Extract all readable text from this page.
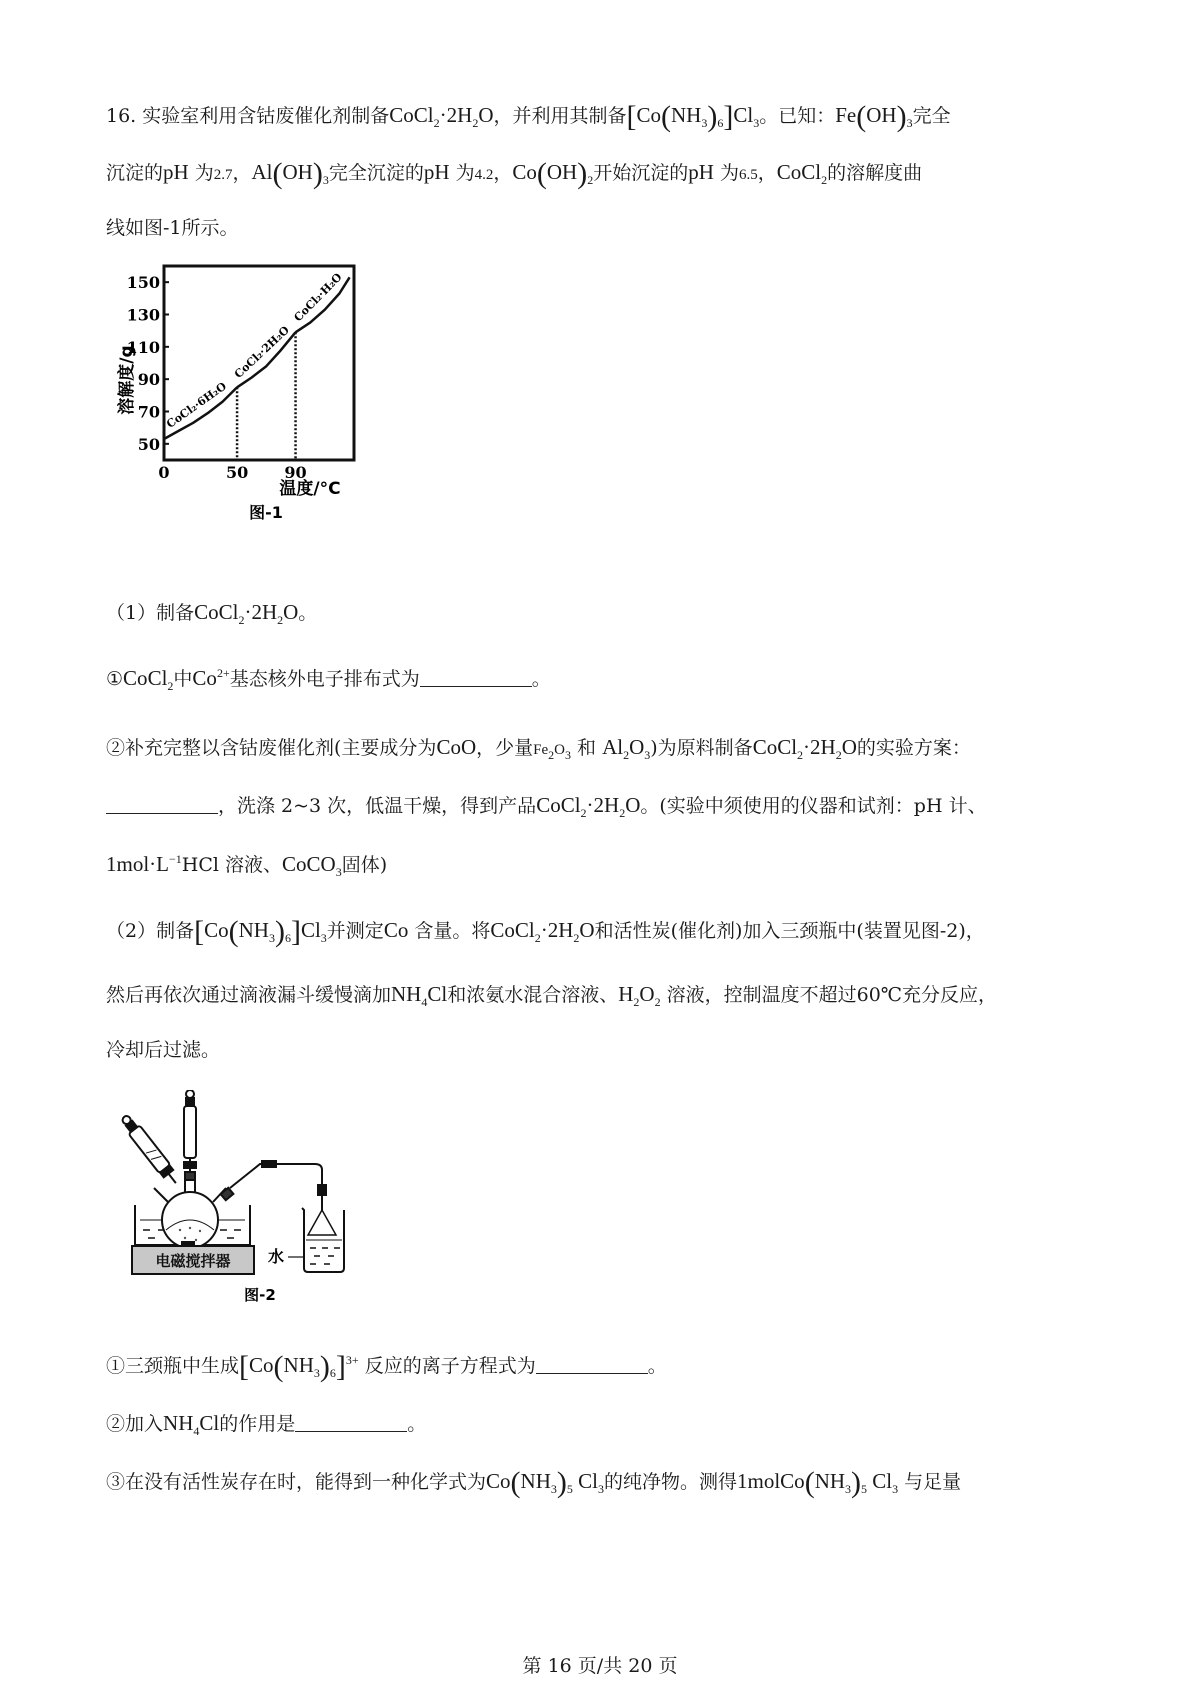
16. 实验室利用含钴废催化剂制备$CoCl_2\cdot 2H_2O$，并利用其制备$[Co(NH_3)_6]Cl_3$。已知：$Fe(OH)_3$完全
沉淀的pH 为2.7，$Al(OH)_3$完全沉淀的pH 为4.2，$Co(OH)_2$开始沉淀的pH 为6.5，CoCl$_2$的溶解度曲
线如图-1所示。
50
70
90
110
130
150
0	50 90
CoCl₂·6H₂O
CoCl₂·2H₂O
CoCl₂·H₂O
溶解度/g
温度/°C
图-1
（1）制备$CoCl_2\cdot 2H_2O$。
①CoCl$_2$中$Co^{2+}$基态核外电子排布式为	。
②补充完整以含钴废催化剂(主要成分为CoO，少量$Fe_2O_3$ 和 $Al_2O_3$)为原料制备$CoCl_2\cdot 2H_2O$的实验方案：
，洗涤 2~3 次，低温干燥，得到产品$CoCl_2\cdot 2H_2O$。(实验中须使用的仪器和试剂：pH 计、
$1mol\cdot L^{-1}HCl$ 溶液、CoCO$_3$固体)
（2）制备$[Co(NH_3)_6]Cl_3$并测定Co 含量。将$CoCl_2\cdot 2H_2O$和活性炭(催化剂)加入三颈瓶中(装置见图-2)，
然后再依次通过滴液漏斗缓慢滴加$NH_4Cl$和浓氨水混合溶液、$H_2O_2$ 溶液，控制温度不超过60℃充分反应，
冷却后过滤。
水
电磁搅拌器
图-2
①三颈瓶中生成$[Co(NH_3)_6]^{3+}$ 反应的离子方程式为	。
②加入$NH_4Cl$的作用是	。
③在没有活性炭存在时，能得到一种化学式为$Co(NH_3)_5$ $Cl_3$的纯净物。测得$1molCo(NH_3)_5$ $Cl_3$ 与足量
第 16 页/共 20 页
